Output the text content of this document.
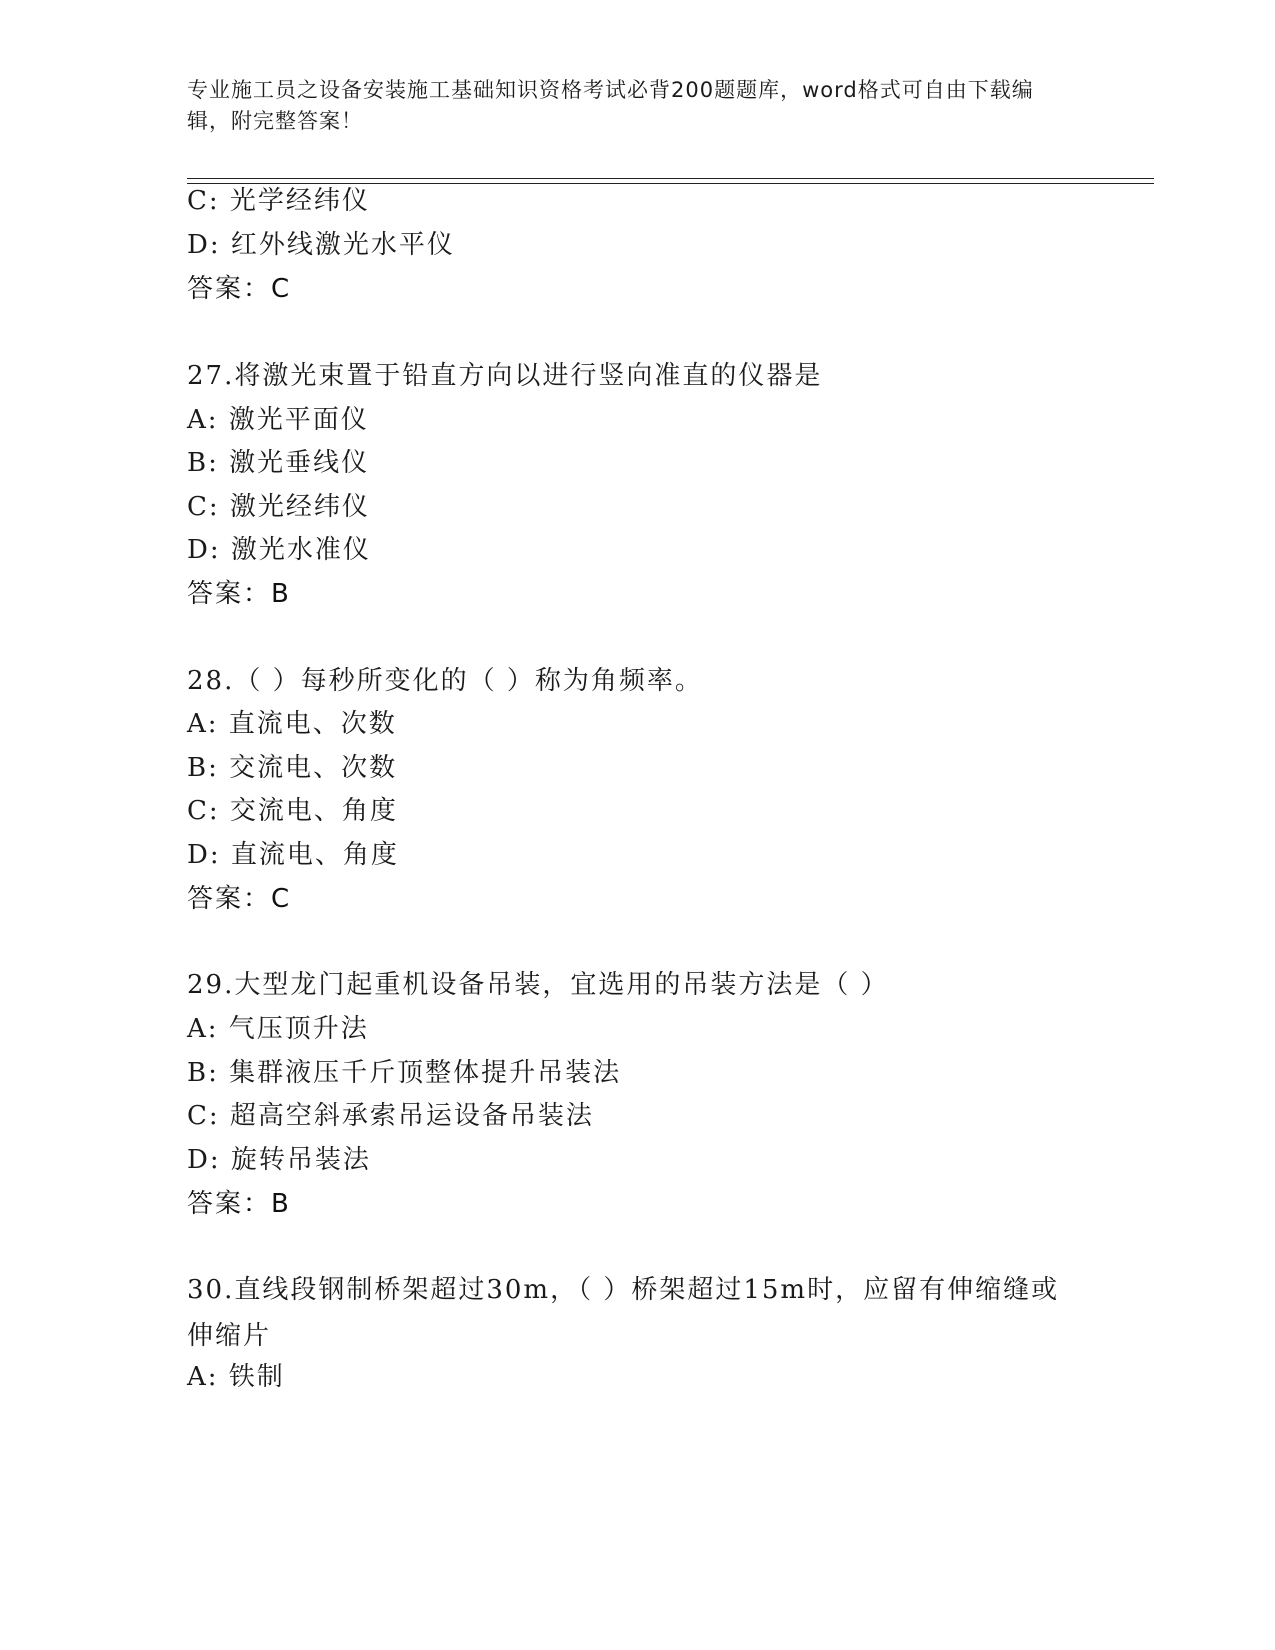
专业施工员之设备安装施工基础知识资格考试必背200题题库，word格式可自由下载编辑，附完整答案！
C: 光学经纬仪
D: 红外线激光水平仪
答案：C
27.将激光束置于铅直方向以进行竖向准直的仪器是
A: 激光平面仪
B: 激光垂线仪
C: 激光经纬仪
D: 激光水准仪
答案：B
28.（ ）每秒所变化的（ ）称为角频率。
A: 直流电、次数
B: 交流电、次数
C: 交流电、角度
D: 直流电、角度
答案：C
29.大型龙门起重机设备吊装，宜选用的吊装方法是（ ）
A: 气压顶升法
B: 集群液压千斤顶整体提升吊装法
C: 超高空斜承索吊运设备吊装法
D: 旋转吊装法
答案：B
30.直线段钢制桥架超过30m，（ ）桥架超过15m时，应留有伸缩缝或伸缩片
A: 铁制
